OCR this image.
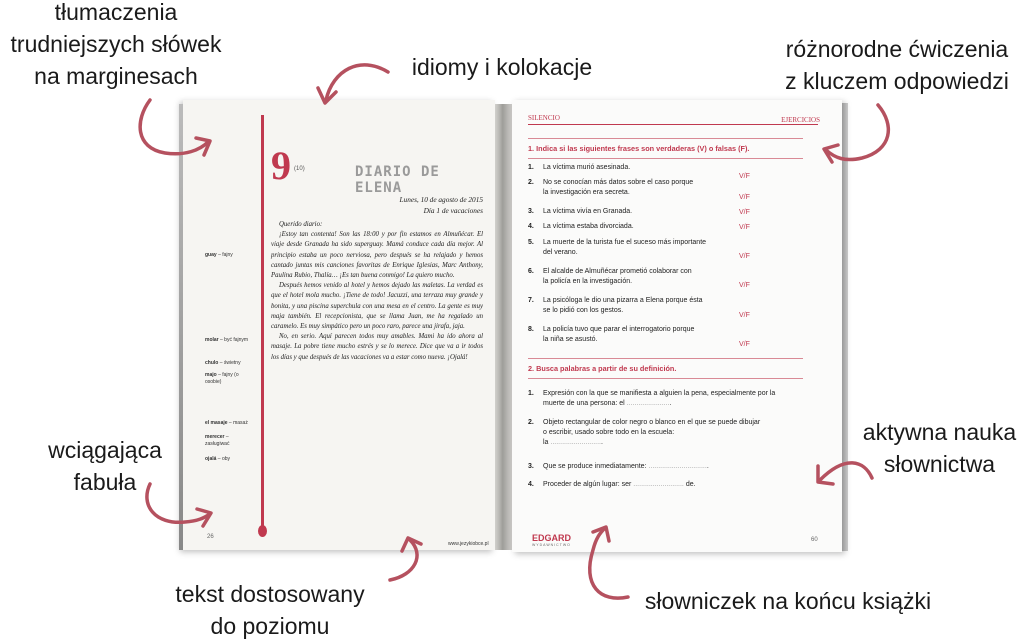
tłumaczenia
trudniejszych słówek
na marginesach	idiomy i kolokacje
różnorodne ćwiczenia
z kluczem odpowiedzi
wciągająca
fabuła
aktywna nauka
słownictwa
tekst dostosowany
do poziomu
słowniczek na końcu książki
guay – fajny
molar – być fajnym
chulo – świetny
majo – fajny (o osobie)
el masaje – masaż
merecer – zasługiwać
ojalá – oby
9 (10)	DIARIO DE ELENA
Lunes, 10 de agosto de 2015
Día 1 de vacaciones

Querido diario:

¡Estoy tan contenta! Son las 18:00 y por fin estamos en Almuñécar. El viaje desde Granada ha sido superguay. Mamá conduce cada día mejor. Al principio estaba un poco nerviosa, pero después se ha relajado y hemos cantado juntas mis canciones favoritas de Enrique Iglesias, Marc Anthony, Paulina Rubio, Thalía… ¡Es tan buena conmigo! La quiero mucho.

Después hemos venido al hotel y hemos dejado las maletas. La verdad es que el hotel mola mucho. ¡Tiene de todo! Jacuzzi, una terraza muy grande y bonita, y una piscina superchula con una mesa en el centro. La gente es muy maja también. El recepcionista, que se llama Juan, me ha regalado un caramelo. Es muy simpático pero un poco raro, parece una jirafa, jaja.

No, en serio. Aquí parecen todos muy amables. Mami ha ido ahora al masaje. La pobre tiene mucho estrés y se lo merece. Dice que va a ir todos los días y que después de las vacaciones va a estar como nueva. ¡Ojalá!

26
www.jezykiobce.pl
SILENCIO	EJERCICIOS
1. Indica si las siguientes frases son verdaderas (V) o falsas (F).
1. La víctima murió asesinada.
V/F
2. No se conocían más datos sobre el caso porque
la investigación era secreta.
V/F
3. La víctima vivía en Granada.	V/F
4. La víctima estaba divorciada.	V/F
5. La muerte de la turista fue el suceso más importante
del verano.
V/F
6. El alcalde de Almuñécar prometió colaborar con
la policía en la investigación.
V/F
7. La psicóloga le dio una pizarra a Elena porque ésta
se lo pidió con los gestos.
V/F
8. La policía tuvo que parar el interrogatorio porque
la niña se asustó.
V/F
2. Busca palabras a partir de su definición.
1. Expresión con la que se manifiesta a alguien la pena, especialmente por la
muerte de una persona: el .......................
2. Objeto rectangular de color negro o blanco en el que se puede dibujar
o escribir, usado sobre todo en la escuela:
la ...........................
3. Que se produce inmediatamente: ...............................
4. Proceder de algún lugar: ser .......................... de.
EDGARD
WYDAWNICTWO
60
